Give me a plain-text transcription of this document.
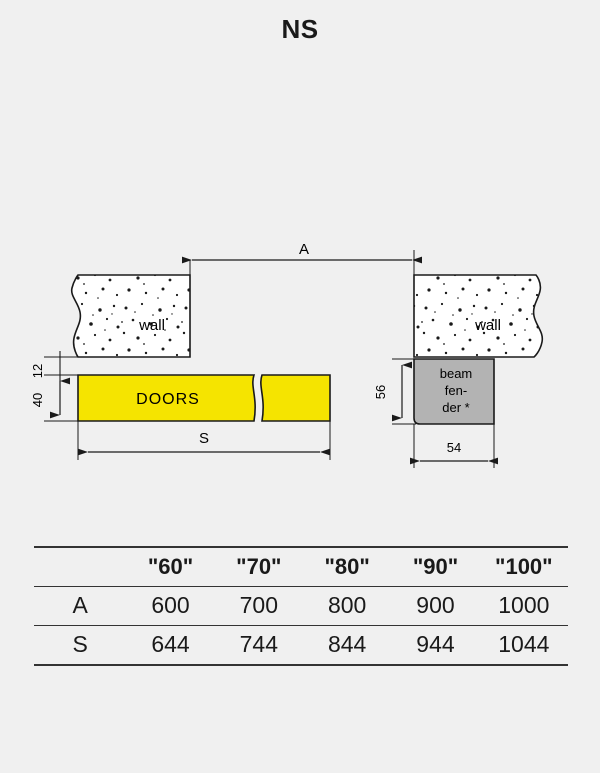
NS
wall	wall
DOORS
beam
fen-
der *
A
S
12
40
56
54
	"60"	"70"	"80"	"90"	"100"
A	600	700	800	900	1000
S	644	744	844	944	1044
